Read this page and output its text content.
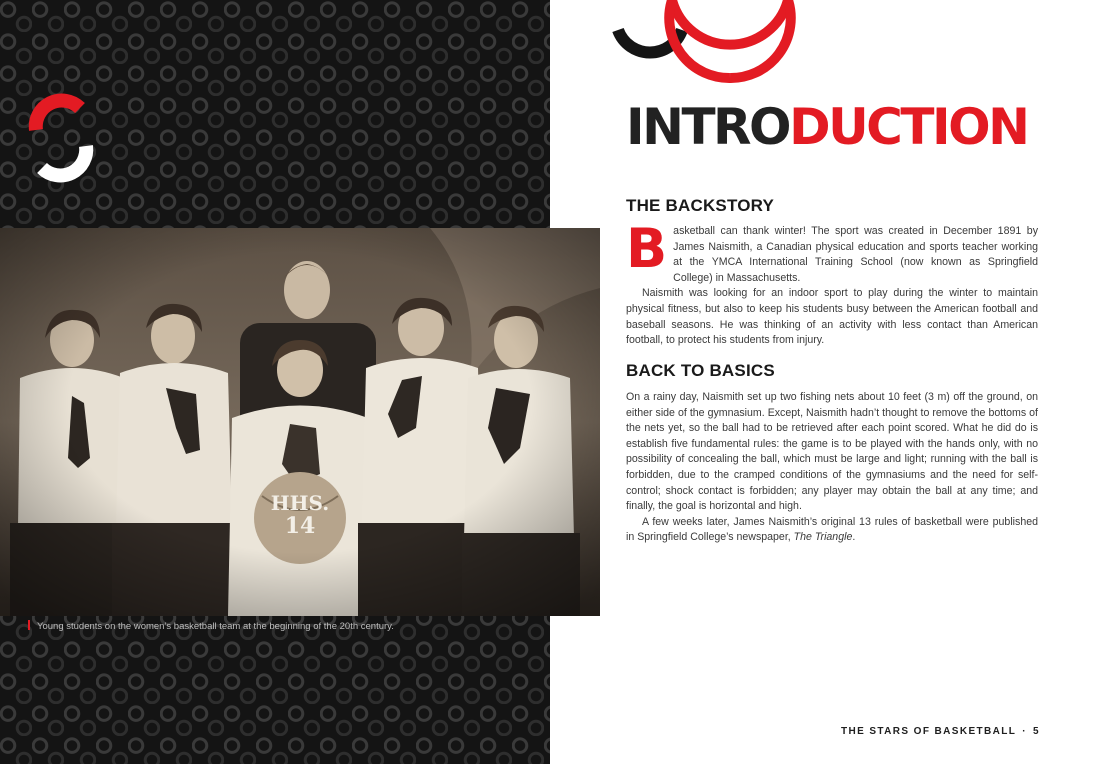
Young students on the women’s basketball team at the beginning of the 20th century.
INTRODUCTION
THE BACKSTORY
B asketball can thank winter! The sport was created in December 1891 by James Naismith, a Canadian physical education and sports teacher working at the YMCA International Training School (now known as Springfield College) in Massachusetts.

Naismith was looking for an indoor sport to play during the winter to maintain physical fitness, but also to keep his students busy between the American football and baseball seasons. He was thinking of an activity with less contact than American football, to protect his students from injury.

BACK TO BASICS

On a rainy day, Naismith set up two fishing nets about 10 feet (3 m) off the ground, on either side of the gymnasium. Except, Naismith hadn’t thought to remove the bottoms of the nets yet, so the ball had to be retrieved after each point scored. What he did do is establish five fundamental rules: the game is to be played with the hands only, with no possibility of concealing the ball, which must be large and light; running with the ball is forbidden, due to the cramped conditions of the gymnasiums and the need for self-control; shock contact is forbidden; any player may obtain the ball at any time; and finally, the goal is horizontal and high.

A few weeks later, James Naismith’s original 13 rules of basketball were published in Springfield College’s newspaper, The Triangle.

THE STARS OF BASKETBALL · 5
